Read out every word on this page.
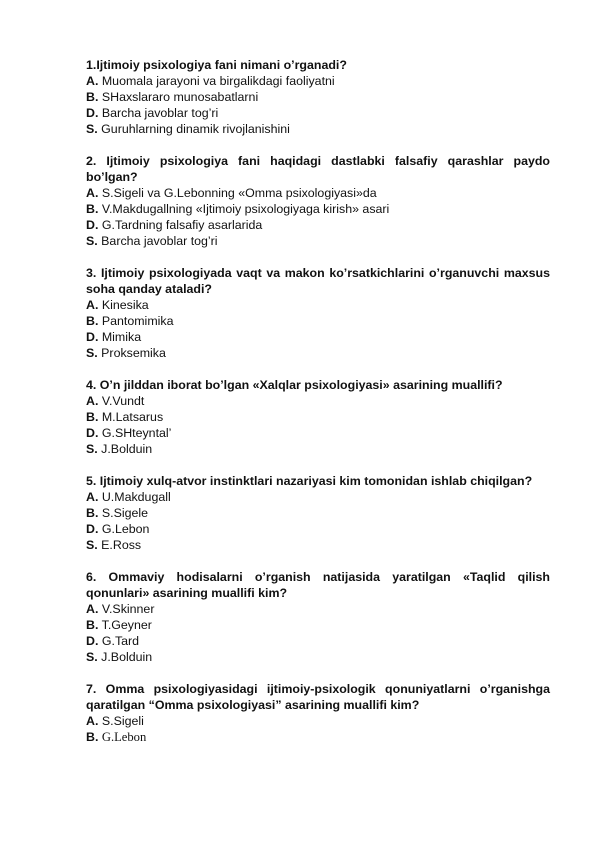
1.Ijtimoiy psixologiya fani nimani o’rganadi?

A. Muomala jarayoni va birgalikdagi faoliyatni

B. SHaxslararo munosabatlarni

D. Barcha javoblar tog’ri

S. Guruhlarning dinamik rivojlanishini

2. Ijtimoiy psixologiya fani haqidagi dastlabki falsafiy qarashlar paydo bo’lgan?

A. S.Sigeli va G.Lebonning «Omma psixologiyasi»da

B. V.Makdugallning «Ijtimoiy psixologiyaga kirish» asari

D. G.Tardning falsafiy asarlarida

S. Barcha javoblar tog’ri

3. Ijtimoiy psixologiyada vaqt va makon ko’rsatkichlarini o’rganuvchi maxsus soha qanday ataladi?

A. Kinesika

B. Pantomimika

D. Mimika

S. Proksemika

4. O’n jilddan iborat bo’lgan «Xalqlar psixologiyasi» asarining muallifi?

A. V.Vundt

B. M.Latsarus

D. G.SHteyntal’

S. J.Bolduin

5. Ijtimoiy xulq-atvor instinktlari nazariyasi kim tomonidan ishlab chiqilgan?

A. U.Makdugall

B. S.Sigele

D. G.Lebon

S. E.Ross

6. Ommaviy hodisalarni o’rganish natijasida yaratilgan «Taqlid qilish qonunlari» asarining muallifi kim?

A. V.Skinner

B. T.Geyner

D. G.Tard

S. J.Bolduin

7. Omma psixologiyasidagi ijtimoiy-psixologik qonuniyatlarni o’rganishga qaratilgan “Omma psixologiyasi” asarining muallifi kim?

A. S.Sigeli

B. G.Lebon
